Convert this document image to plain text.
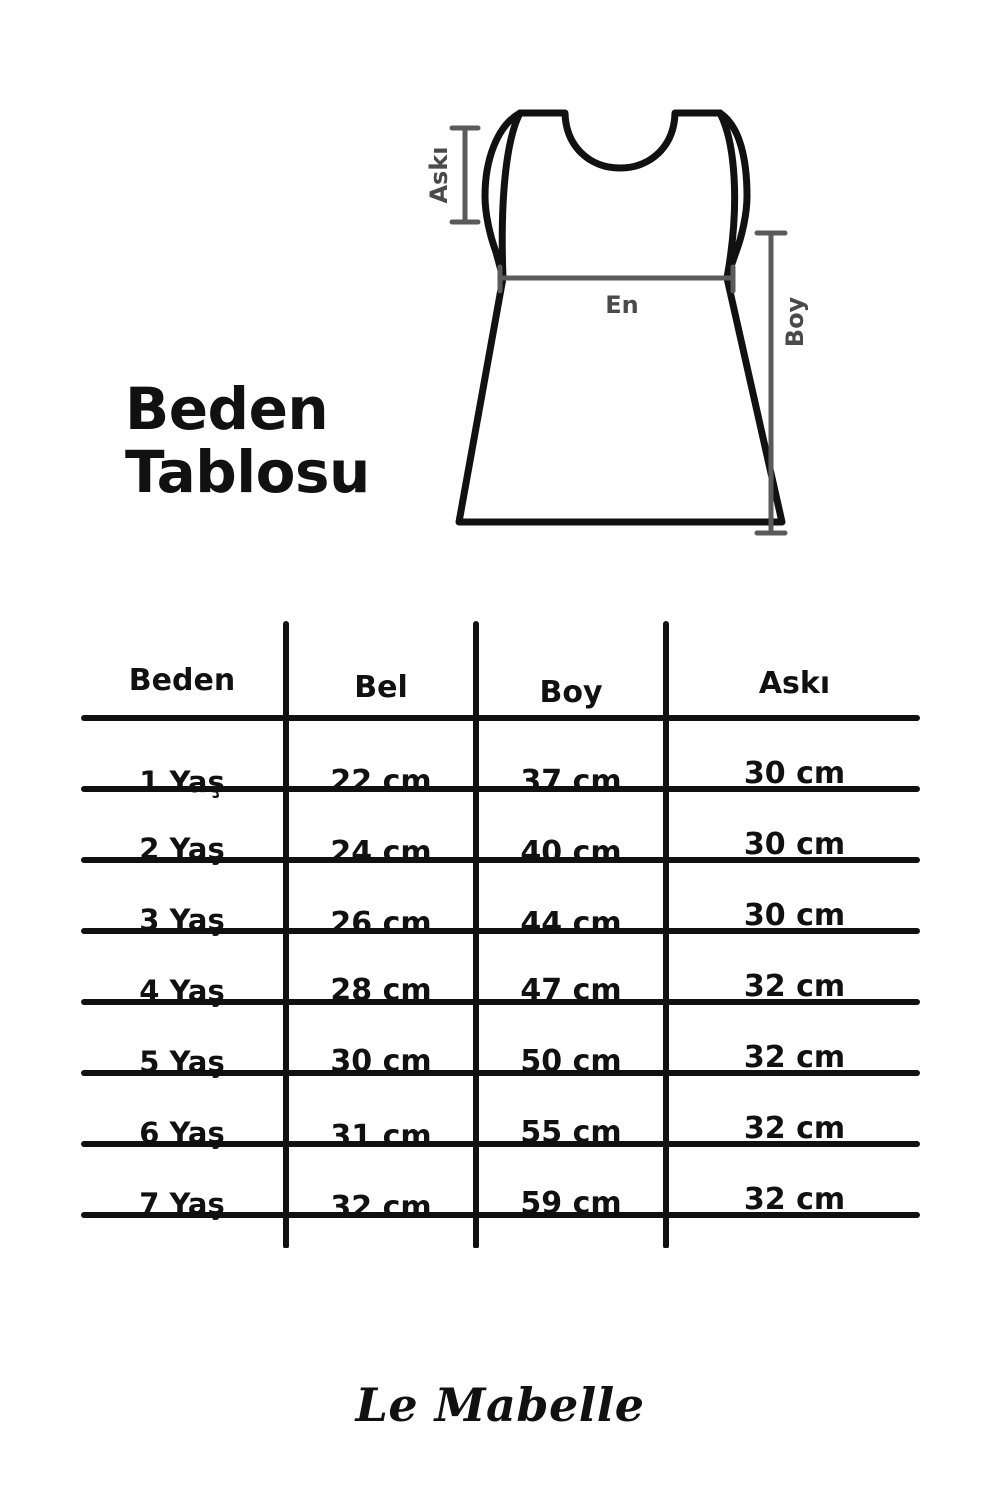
Askı
En	Boy
Beden
Tablosu
Beden	Bel	Boy	Askı
1 Yaş	22 cm	37 cm	30 cm
2 Yaş	24 cm	40 cm	30 cm
3 Yaş	26 cm	44 cm	30 cm
4 Yaş	28 cm	47 cm	32 cm
5 Yaş	30 cm	50 cm	32 cm
6 Yaş	31 cm	55 cm	32 cm
7 Yaş	32 cm	59 cm	32 cm
Le Mabelle
